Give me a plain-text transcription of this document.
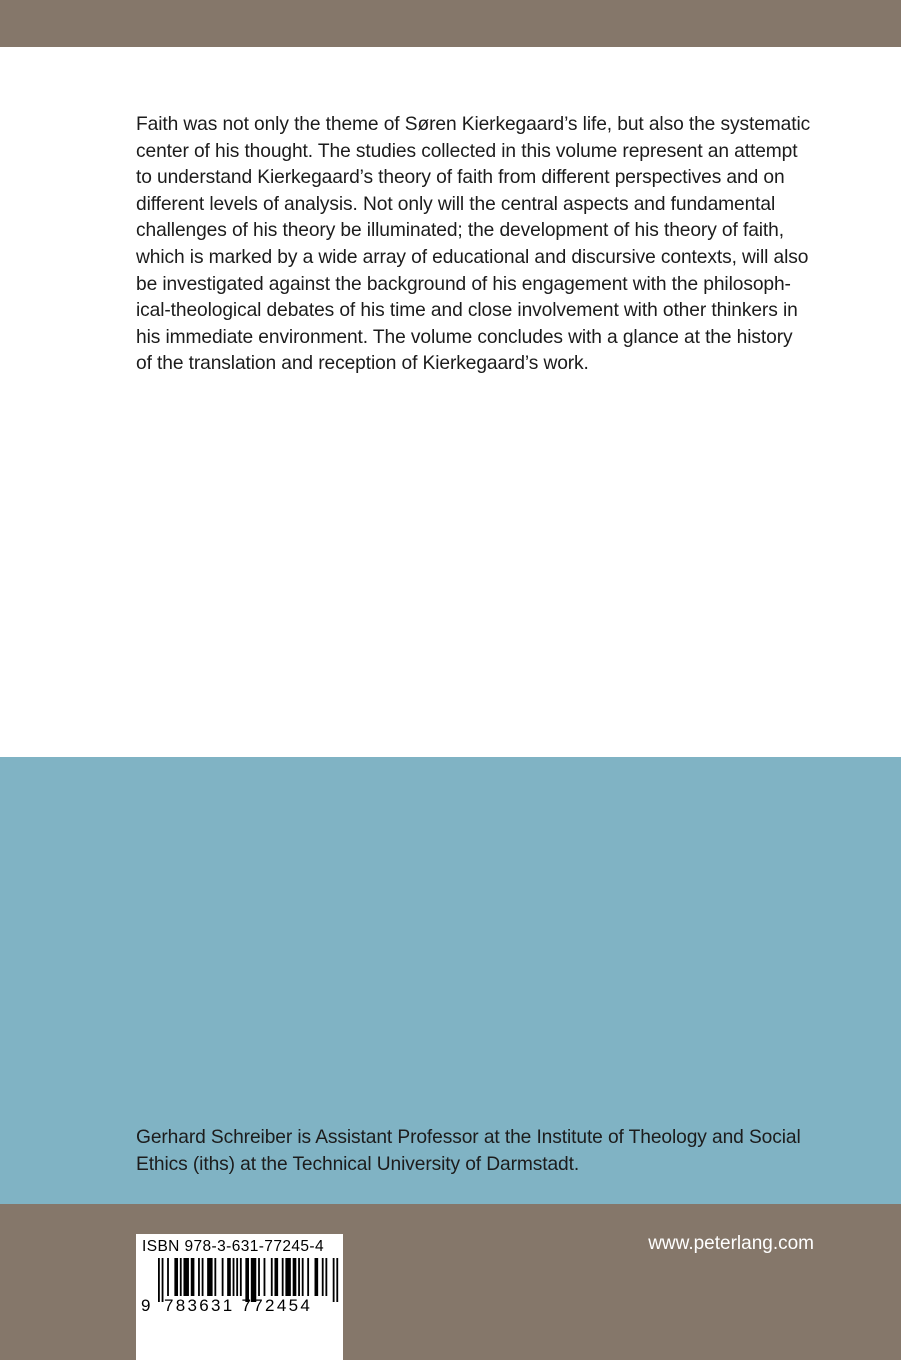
Faith was not only the theme of Søren Kierkegaard’s life, but also the systematic
center of his thought. The studies collected in this volume represent an attempt
to understand Kierkegaard’s theory of faith from different perspectives and on
different levels of analysis. Not only will the central aspects and fundamental
challenges of his theory be illuminated; the development of his theory of faith,
which is marked by a wide array of educational and discursive contexts, will also
be investigated against the background of his engagement with the philosoph-
ical-theological debates of his time and close involvement with other thinkers in
his immediate environment. The volume concludes with a glance at the history
of the translation and reception of Kierkegaard’s work.
Gerhard Schreiber is Assistant Professor at the Institute of Theology and Social
Ethics (iths) at the Technical University of Darmstadt.
www.peterlang.com
ISBN 978-3-631-77245-4
9 783631 772454
